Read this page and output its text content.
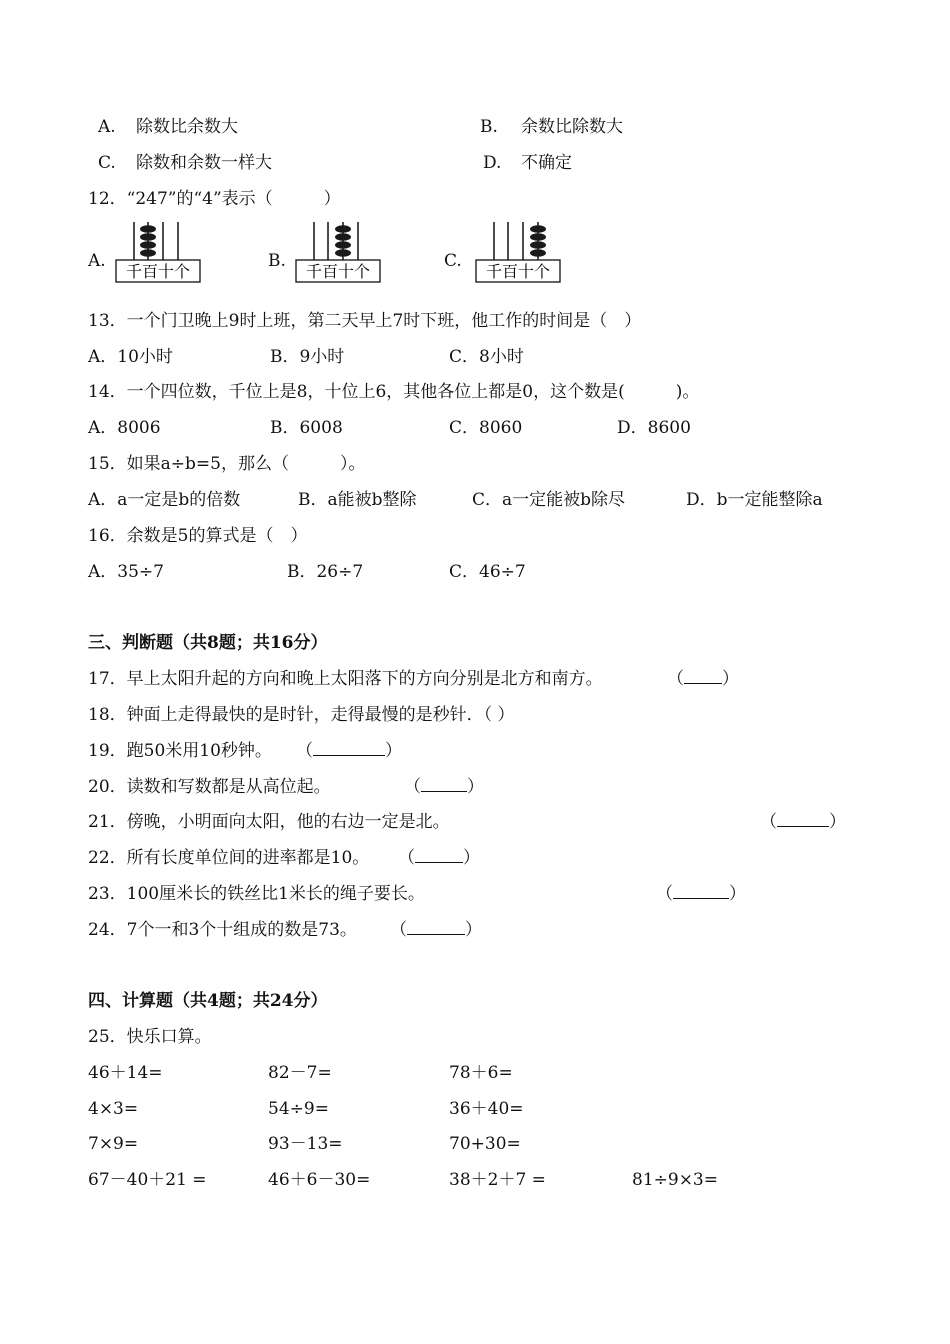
A. 除数比余数大	B. 余数比除数大
C. 除数和余数一样大	D. 不确定
12．“247”的“4”表示（　　　）
A.
千百十个
B.
千百十个
C.
千百十个
13．一个门卫晚上9时上班，第二天早上7时下班，他工作的时间是（　）
A．10小时	B．9小时	C．8小时
14．一个四位数，千位上是8，十位上6，其他各位上都是0，这个数是(　　　)。
A．8006	B．6008	C．8060	D．8600
15．如果a÷b=5，那么（　　　）。
A．a一定是b的倍数	B．a能被b整除	C．a一定能被b除尽	D．b一定能整除a
16．余数是5的算式是（　）
A．35÷7	B．26÷7	C．46÷7
三、判断题（共8题；共16分）
17．早上太阳升起的方向和晚上太阳落下的方向分别是北方和南方。	（ ）
18．钟面上走得最快的是时针，走得最慢的是秒针．（ ）
19．跑50米用10秒钟。 （	）
20．读数和写数都是从高位起。	（	）
21．傍晚，小明面向太阳，他的右边一定是北。	（	）
22．所有长度单位间的进率都是10。 （	）
23．100厘米长的铁丝比1米长的绳子要长。	（	）
24．7个一和3个十组成的数是73。 （	）
四、计算题（共4题；共24分）
25．快乐口算。
46＋14=	82－7=	78＋6=
4×3=	54÷9=	36＋40=
7×9=	93－13=	70+30=
67－40＋21 =	46＋6－30=	38＋2＋7 =	81÷9×3=
